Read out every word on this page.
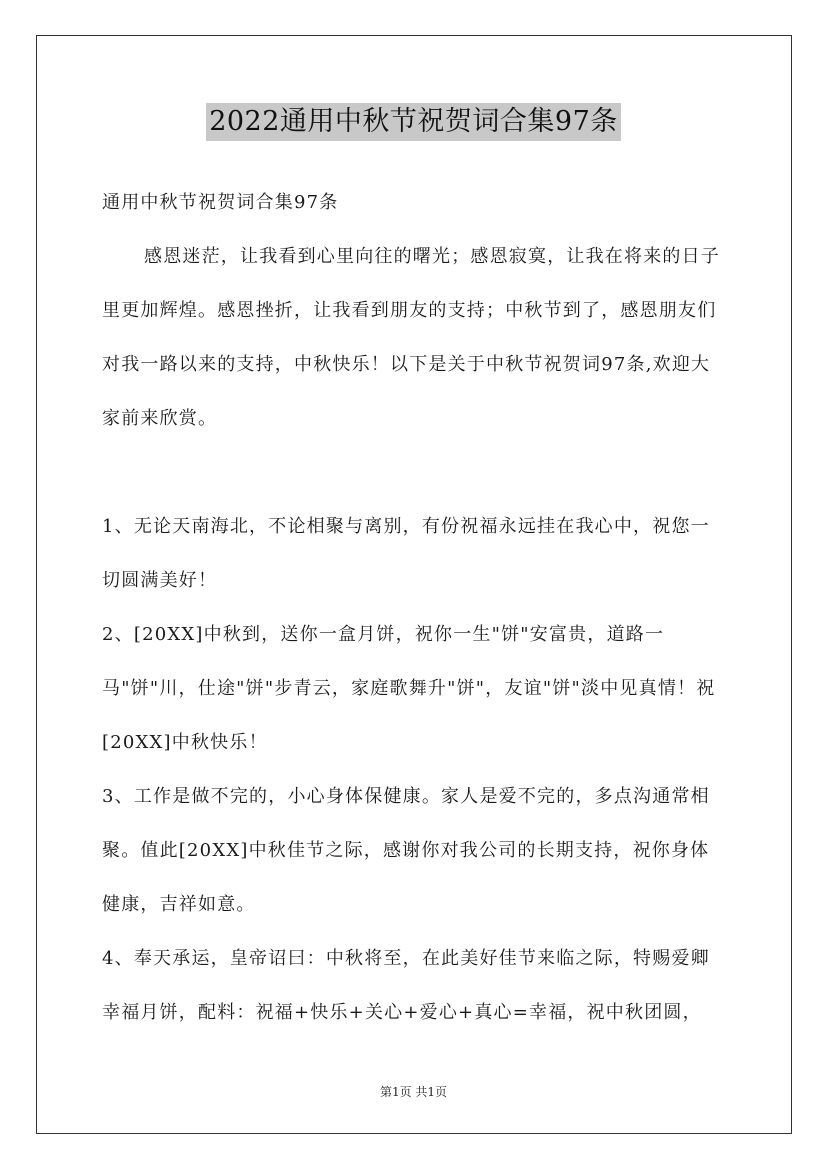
2022通用中秋节祝贺词合集97条

通用中秋节祝贺词合集97条

感恩迷茫，让我看到心里向往的曙光；感恩寂寞，让我在将来的日子里更加辉煌。感恩挫折，让我看到朋友的支持；中秋节到了，感恩朋友们对我一路以来的支持，中秋快乐！以下是关于中秋节祝贺词97条,欢迎大家前来欣赏。

1、无论天南海北，不论相聚与离别，有份祝福永远挂在我心中，祝您一切圆满美好！

2、[20XX]中秋到，送你一盒月饼，祝你一生"饼"安富贵，道路一马"饼"川，仕途"饼"步青云，家庭歌舞升"饼"，友谊"饼"淡中见真情！祝[20XX]中秋快乐！

3、工作是做不完的，小心身体保健康。家人是爱不完的，多点沟通常相聚。值此[20XX]中秋佳节之际，感谢你对我公司的长期支持，祝你身体健康，吉祥如意。

4、奉天承运，皇帝诏曰：中秋将至，在此美好佳节来临之际，特赐爱卿幸福月饼，配料：祝福+快乐+关心+爱心+真心=幸福，祝中秋团圆，

第1页 共1页
